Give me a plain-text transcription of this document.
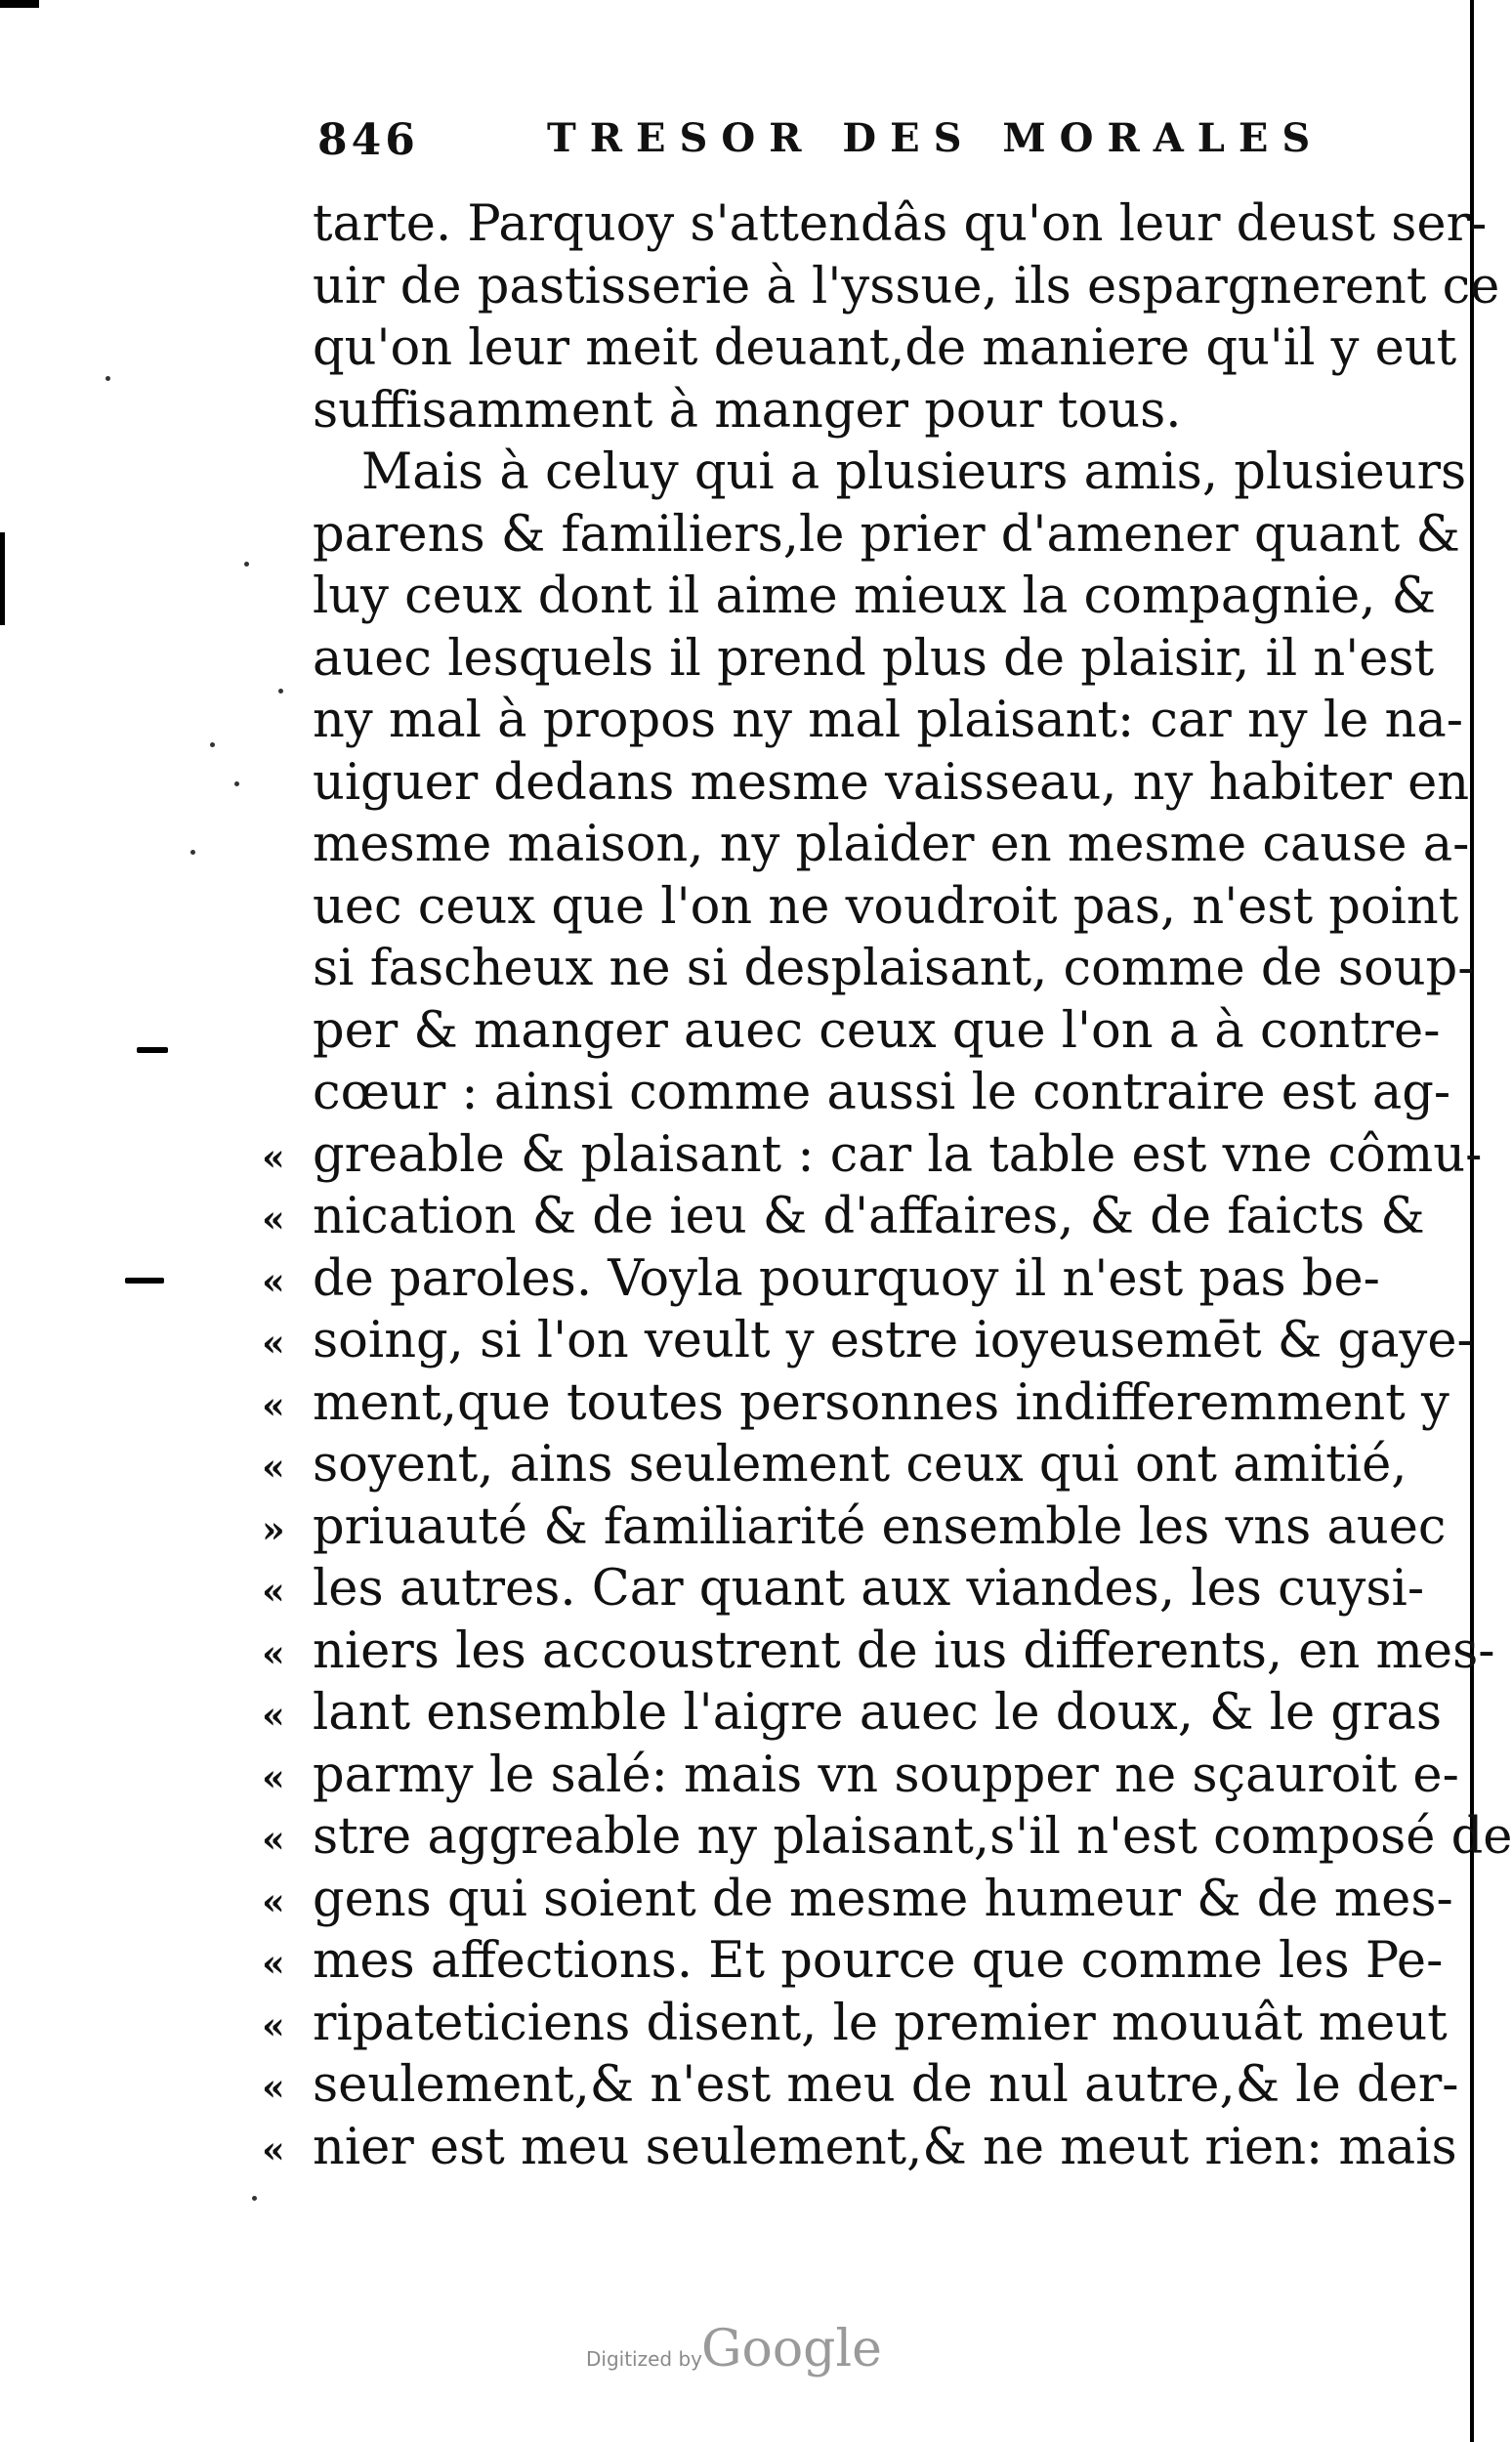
846	TRESOR DES MORALES
tarte. Parquoy s'attendâs qu'on leur deust ser-
uir de pastisserie à l'yssue, ils espargnerent ce
qu'on leur meit deuant,de maniere qu'il y eut
suffisamment à manger pour tous.
Mais à celuy qui a plusieurs amis, plusieurs
parens & familiers,le prier d'amener quant &
luy ceux dont il aime mieux la compagnie, &
auec lesquels il prend plus de plaisir, il n'est
ny mal à propos ny mal plaisant: car ny le na-
uiguer dedans mesme vaisseau, ny habiter en
mesme maison, ny plaider en mesme cause a-
uec ceux que l'on ne voudroit pas, n'est point
si fascheux ne si desplaisant, comme de soup-
per & manger auec ceux que l'on a à contre-
cœur : ainsi comme aussi le contraire est ag-
« greable & plaisant : car la table est vne cômu-
« nication & de ieu & d'affaires, & de faicts &
« de paroles. Voyla pourquoy il n'est pas be-
« soing, si l'on veult y estre ioyeusemēt & gaye-
« ment,que toutes personnes indifferemment y
« soyent, ains seulement ceux qui ont amitié,
» priuauté & familiarité ensemble les vns auec
« les autres. Car quant aux viandes, les cuysi-
« niers les accoustrent de ius differents, en mes-
« lant ensemble l'aigre auec le doux, & le gras
« parmy le salé: mais vn soupper ne sçauroit e-
« stre aggreable ny plaisant,s'il n'est composé de
« gens qui soient de mesme humeur & de mes-
« mes affections. Et pource que comme les Pe-
« ripateticiens disent, le premier mouuât meut
« seulement,& n'est meu de nul autre,& le der-
« nier est meu seulement,& ne meut rien: mais
Digitized by Google
